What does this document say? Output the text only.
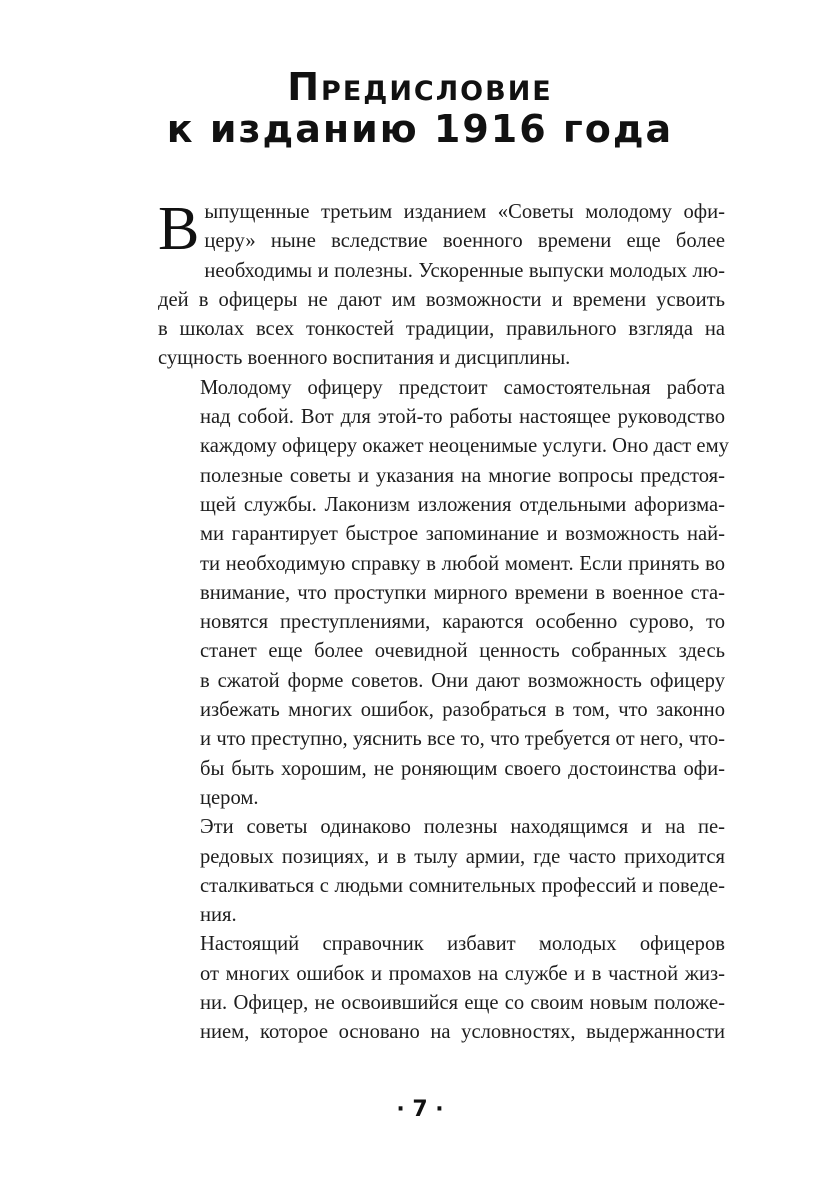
Предисловие
к изданию 1916 года
В ыпущенные третьим изданием «Советы молодому офи-
церу» ныне вследствие военного времени еще более
необходимы и полезны. Ускоренные выпуски молодых лю-
дей в офицеры не дают им возможности и времени усвоить
в школах всех тонкостей традиции, правильного взгляда на
сущность военного воспитания и дисциплины.
Молодому офицеру предстоит самостоятельная работа
над собой. Вот для этой-то работы настоящее руководство
каждому офицеру окажет неоценимые услуги. Оно даст ему
полезные советы и указания на многие вопросы предстоя-
щей службы. Лаконизм изложения отдельными афоризма-
ми гарантирует быстрое запоминание и возможность най-
ти необходимую справку в любой момент. Если принять во
внимание, что проступки мирного времени в военное ста-
новятся преступлениями, караются особенно сурово, то
станет еще более очевидной ценность собранных здесь
в сжатой форме советов. Они дают возможность офицеру
избежать многих ошибок, разобраться в том, что законно
и что преступно, уяснить все то, что требуется от него, что-
бы быть хорошим, не роняющим своего достоинства офи-
цером.
Эти советы одинаково полезны находящимся и на пе-
редовых позициях, и в тылу армии, где часто приходится
сталкиваться с людьми сомнительных профессий и поведе-
ния.
Настоящий справочник избавит молодых офицеров
от многих ошибок и промахов на службе и в частной жиз-
ни. Офицер, не освоившийся еще со своим новым положе-
нием, которое основано на условностях, выдержанности
· 7 ·
